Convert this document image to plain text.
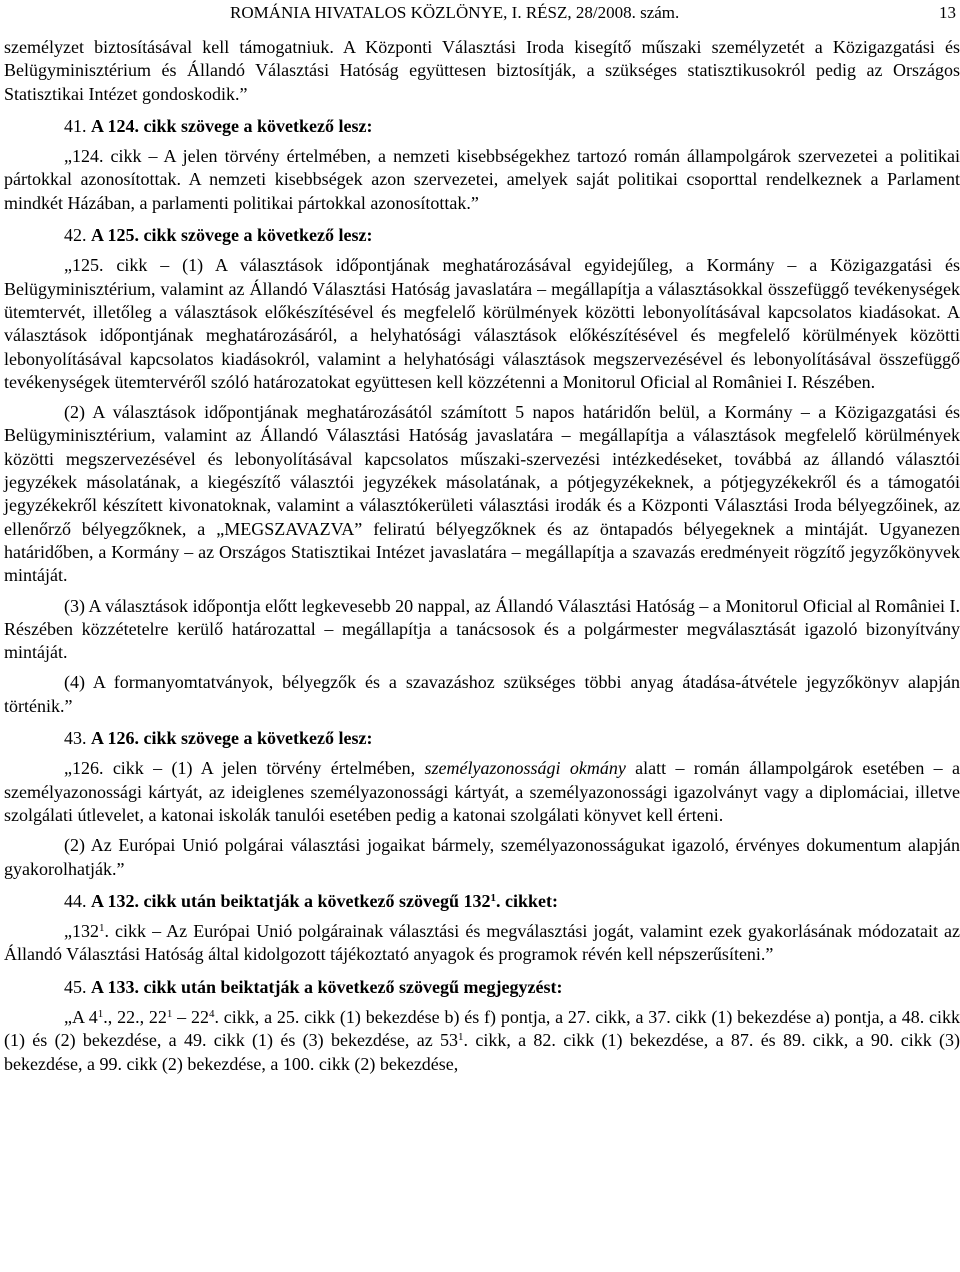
ROMÁNIA HIVATALOS KÖZLÖNYE, I. RÉSZ, 28/2008. szám.	13

személyzet biztosításával kell támogatniuk. A Központi Választási Iroda kisegítő műszaki személyzetét a Közigazgatási és Belügyminisztérium és Állandó Választási Hatóság együttesen biztosítják, a szükséges statisztikusokról pedig az Országos Statisztikai Intézet gondoskodik.”

41. A 124. cikk szövege a következő lesz:

„124. cikk – A jelen törvény értelmében, a nemzeti kisebbségekhez tartozó román állampolgárok szervezetei a politikai pártokkal azonosítottak. A nemzeti kisebbségek azon szervezetei, amelyek saját politikai csoporttal rendelkeznek a Parlament mindkét Házában, a parlamenti politikai pártokkal azonosítottak.”

42. A 125. cikk szövege a következő lesz:

„125. cikk – (1) A választások időpontjának meghatározásával egyidejűleg, a Kormány – a Közigazgatási és Belügyminisztérium, valamint az Állandó Választási Hatóság javaslatára – megállapítja a választásokkal összefüggő tevékenységek ütemtervét, illetőleg a választások előkészítésével és megfelelő körülmények közötti lebonyolításával kapcsolatos kiadásokat. A választások időpontjának meghatározásáról, a helyhatósági választások előkészítésével és megfelelő körülmények közötti lebonyolításával kapcsolatos kiadásokról, valamint a helyhatósági választások megszervezésével és lebonyolításával összefüggő tevékenységek ütemtervéről szóló határozatokat együttesen kell közzétenni a Monitorul Oficial al României I. Részében.

(2) A választások időpontjának meghatározásától számított 5 napos határidőn belül, a Kormány – a Közigazgatási és Belügyminisztérium, valamint az Állandó Választási Hatóság javaslatára – megállapítja a választások megfelelő körülmények közötti megszervezésével és lebonyolításával kapcsolatos műszaki-szervezési intézkedéseket, továbbá az állandó választói jegyzékek másolatának, a kiegészítő választói jegyzékek másolatának, a pótjegyzékeknek, a pótjegyzékekről és a támogatói jegyzékekről készített kivonatoknak, valamint a választókerületi választási irodák és a Központi Választási Iroda bélyegzőinek, az ellenőrző bélyegzőknek, a „MEGSZAVAZVA” feliratú bélyegzőknek és az öntapadós bélyegeknek a mintáját. Ugyanezen határidőben, a Kormány – az Országos Statisztikai Intézet javaslatára – megállapítja a szavazás eredményeit rögzítő jegyzőkönyvek mintáját.

(3) A választások időpontja előtt legkevesebb 20 nappal, az Állandó Választási Hatóság – a Monitorul Oficial al României I. Részében közzétetelre kerülő határozattal – megállapítja a tanácsosok és a polgármester megválasztását igazoló bizonyítvány mintáját.

(4) A formanyomtatványok, bélyegzők és a szavazáshoz szükséges többi anyag átadása-átvétele jegyzőkönyv alapján történik.”

43. A 126. cikk szövege a következő lesz:

„126. cikk – (1) A jelen törvény értelmében, személyazonossági okmány alatt – román állampolgárok esetében – a személyazonossági kártyát, az ideiglenes személyazonossági kártyát, a személyazonossági igazolványt vagy a diplomáciai, illetve szolgálati útlevelet, a katonai iskolák tanulói esetében pedig a katonai szolgálati könyvet kell érteni.

(2) Az Európai Unió polgárai választási jogaikat bármely, személyazonosságukat igazoló, érvényes dokumentum alapján gyakorolhatják.”

44. A 132. cikk után beiktatják a következő szövegű $132^1$. cikket:

$„132^1$. cikk – Az Európai Unió polgárainak választási és megválasztási jogát, valamint ezek gyakorlásának módozatait az Állandó Választási Hatóság által kidolgozott tájékoztató anyagok és programok révén kell népszerűsíteni.”

45. A 133. cikk után beiktatják a következő szövegű megjegyzést:

„A $4^1$., 22., $22^1 - 22^4$. cikk, a 25. cikk (1) bekezdése b) és f) pontja, a 27. cikk, a 37. cikk (1) bekezdése a) pontja, a 48. cikk (1) és (2) bekezdése, a 49. cikk (1) és (3) bekezdése, az $53^1$. cikk, a 82. cikk (1) bekezdése, a 87. és 89. cikk, a 90. cikk (3) bekezdése, a 99. cikk (2) bekezdése, a 100. cikk (2) bekezdése,
